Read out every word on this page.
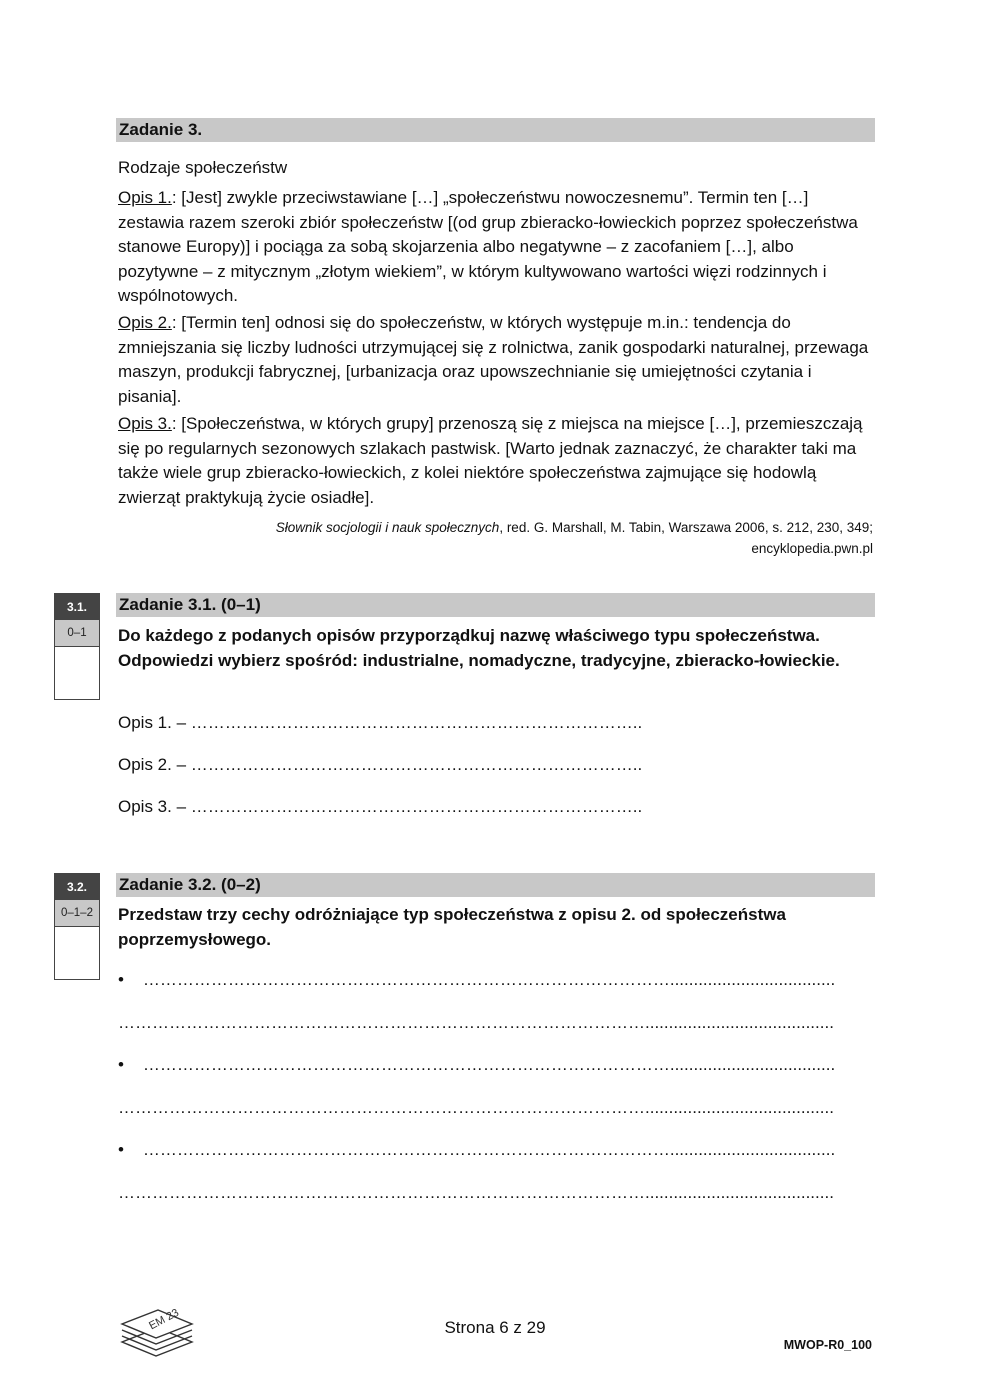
Zadanie 3.
Rodzaje społeczeństw
Opis 1.: [Jest] zwykle przeciwstawiane […] „społeczeństwu nowoczesnemu”. Termin ten […] zestawia razem szeroki zbiór społeczeństw [(od grup zbieracko-łowieckich poprzez społeczeństwa stanowe Europy)] i pociąga za sobą skojarzenia albo negatywne – z zacofaniem […], albo pozytywne – z mitycznym „złotym wiekiem”, w którym kultywowano wartości więzi rodzinnych i wspólnotowych.
Opis 2.: [Termin ten] odnosi się do społeczeństw, w których występuje m.in.: tendencja do zmniejszania się liczby ludności utrzymującej się z rolnictwa, zanik gospodarki naturalnej, przewaga maszyn, produkcji fabrycznej, [urbanizacja oraz upowszechnianie się umiejętności czytania i pisania].
Opis 3.: [Społeczeństwa, w których grupy] przenoszą się z miejsca na miejsce […], przemieszczają się po regularnych sezonowych szlakach pastwisk. [Warto jednak zaznaczyć, że charakter taki ma także wiele grup zbieracko-łowieckich, z kolei niektóre społeczeństwa zajmujące się hodowlą zwierząt praktykują życie osiadłe].
Słownik socjologii i nauk społecznych, red. G. Marshall, M. Tabin, Warszawa 2006, s. 212, 230, 349;
encyklopedia.pwn.pl
3.1.
0–1
Zadanie 3.1. (0–1)
Do każdego z podanych opisów przyporządkuj nazwę właściwego typu społeczeństwa. Odpowiedzi wybierz spośród: industrialne, nomadyczne, tradycyjne, zbieracko-łowieckie.
Opis 1. – ……………………………………………………………………..
Opis 2. – ……………………………………………………………………..
Opis 3. – ……………………………………………………………………..
3.2.
0–1–2
Zadanie 3.2. (0–2)
Przedstaw trzy cechy odróżniające typ społeczeństwa z opisu 2. od społeczeństwa poprzemysłowego.
• …………………………………………………………………………………...................................
…………………………………………………………………………………........................................
• …………………………………………………………………………………...................................
…………………………………………………………………………………........................................
• …………………………………………………………………………………...................................
…………………………………………………………………………………........................................
EM 23	Strona 6 z 29
MWOP-R0_100
